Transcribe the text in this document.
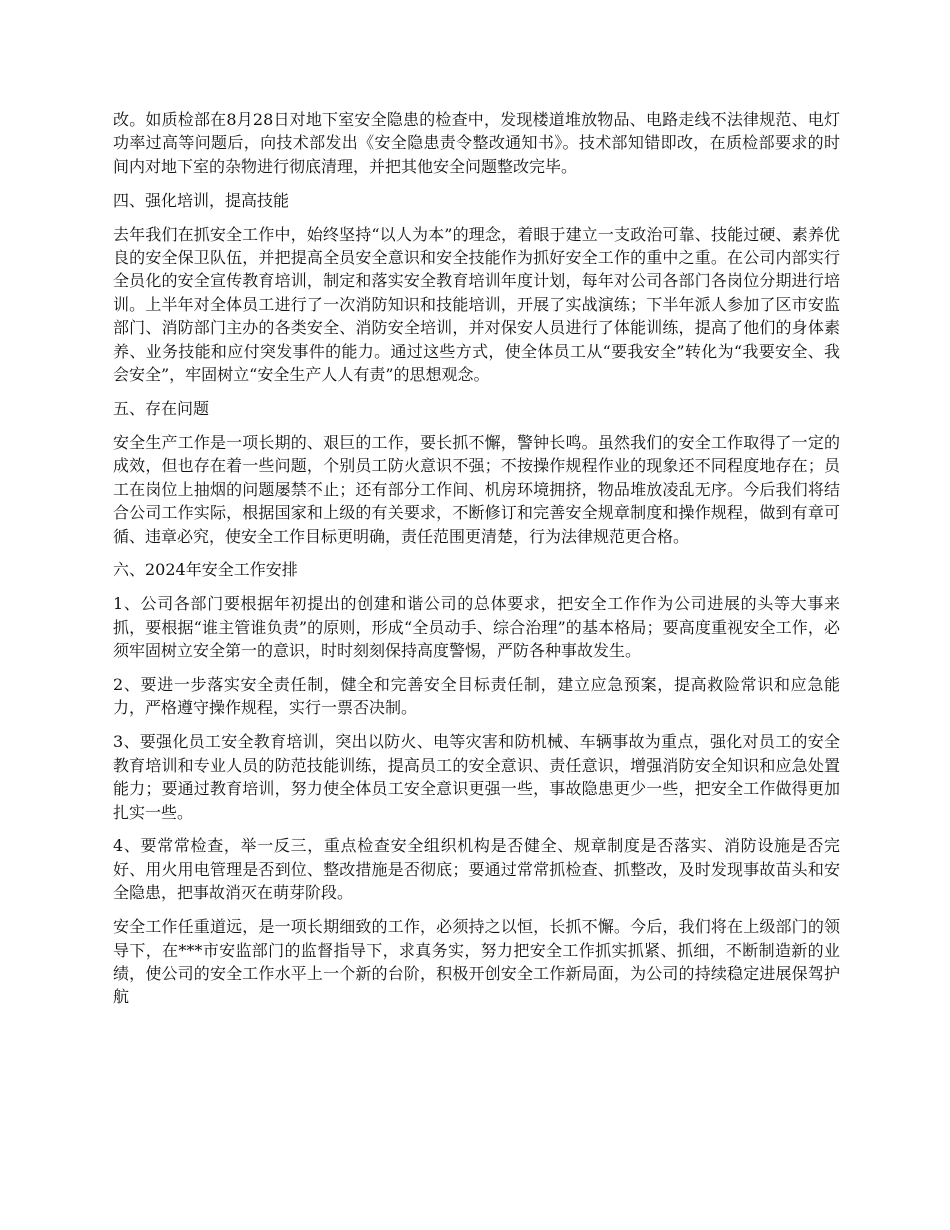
改。如质检部在8月28日对地下室安全隐患的检查中，发现楼道堆放物品、电路走线不法律规范、电灯功率过高等问题后，向技术部发出《安全隐患责令整改通知书》。技术部知错即改，在质检部要求的时间内对地下室的杂物进行彻底清理，并把其他安全问题整改完毕。

四、强化培训，提高技能

去年我们在抓安全工作中，始终坚持“以人为本”的理念，着眼于建立一支政治可靠、技能过硬、素养优良的安全保卫队伍，并把提高全员安全意识和安全技能作为抓好安全工作的重中之重。在公司内部实行全员化的安全宣传教育培训，制定和落实安全教育培训年度计划，每年对公司各部门各岗位分期进行培训。上半年对全体员工进行了一次消防知识和技能培训，开展了实战演练；下半年派人参加了区市安监部门、消防部门主办的各类安全、消防安全培训，并对保安人员进行了体能训练，提高了他们的身体素养、业务技能和应付突发事件的能力。通过这些方式，使全体员工从“要我安全”转化为“我要安全、我会安全”，牢固树立“安全生产人人有责”的思想观念。

五、存在问题

安全生产工作是一项长期的、艰巨的工作，要长抓不懈，警钟长鸣。虽然我们的安全工作取得了一定的成效，但也存在着一些问题，个别员工防火意识不强；不按操作规程作业的现象还不同程度地存在；员工在岗位上抽烟的问题屡禁不止；还有部分工作间、机房环境拥挤，物品堆放凌乱无序。今后我们将结合公司工作实际，根据国家和上级的有关要求，不断修订和完善安全规章制度和操作规程，做到有章可循、违章必究，使安全工作目标更明确，责任范围更清楚，行为法律规范更合格。

六、2024年安全工作安排

1、公司各部门要根据年初提出的创建和谐公司的总体要求，把安全工作作为公司进展的头等大事来抓，要根据“谁主管谁负责”的原则，形成“全员动手、综合治理”的基本格局；要高度重视安全工作，必须牢固树立安全第一的意识，时时刻刻保持高度警惕，严防各种事故发生。

2、要进一步落实安全责任制，健全和完善安全目标责任制，建立应急预案，提高救险常识和应急能力，严格遵守操作规程，实行一票否决制。

3、要强化员工安全教育培训，突出以防火、电等灾害和防机械、车辆事故为重点，强化对员工的安全教育培训和专业人员的防范技能训练，提高员工的安全意识、责任意识，增强消防安全知识和应急处置能力；要通过教育培训，努力使全体员工安全意识更强一些，事故隐患更少一些，把安全工作做得更加扎实一些。

4、要常常检查，举一反三，重点检查安全组织机构是否健全、规章制度是否落实、消防设施是否完好、用火用电管理是否到位、整改措施是否彻底；要通过常常抓检查、抓整改，及时发现事故苗头和安全隐患，把事故消灭在萌芽阶段。

安全工作任重道远，是一项长期细致的工作，必须持之以恒，长抓不懈。今后，我们将在上级部门的领导下，在***市安监部门的监督指导下，求真务实，努力把安全工作抓实抓紧、抓细，不断制造新的业绩，使公司的安全工作水平上一个新的台阶，积极开创安全工作新局面，为公司的持续稳定进展保驾护航
